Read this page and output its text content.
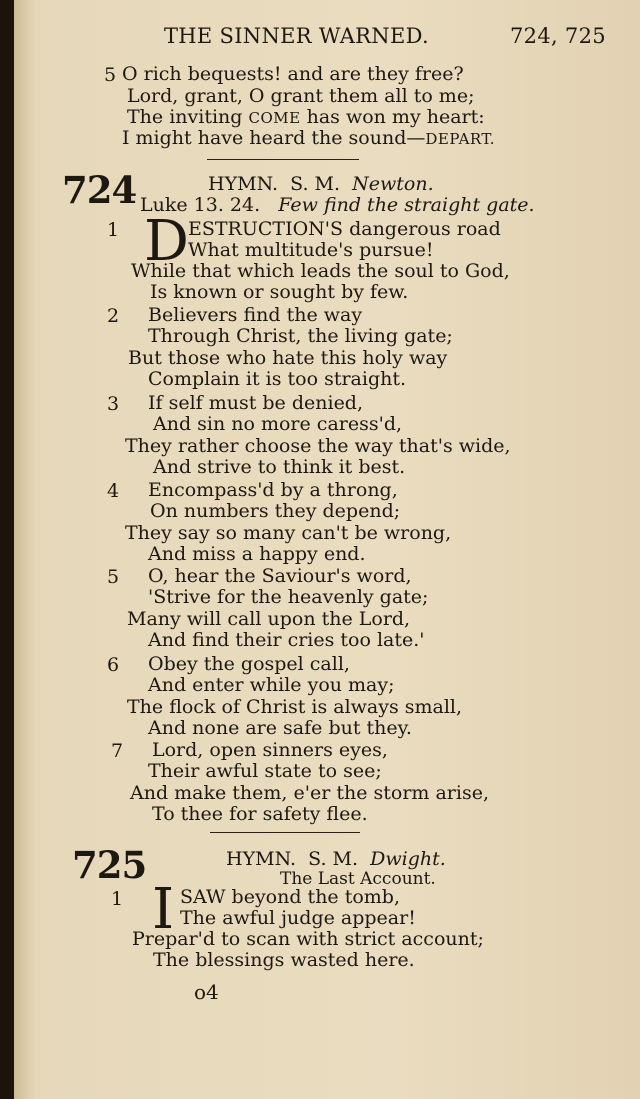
THE SINNER WARNED.	724, 725
5 O rich bequests! and are they free?
Lord, grant, O grant them all to me;
The inviting COME has won my heart:
I might have heard the sound—DEPART.
724	HYMN. S. M. Newton.
Luke 13. 24. Few find the straight gate.
1 D ESTRUCTION'S dangerous road
What multitude's pursue!
While that which leads the soul to God,
Is known or sought by few.
2 Believers find the way
Through Christ, the living gate;
But those who hate this holy way
Complain it is too straight.
3 If self must be denied,
And sin no more caress'd,
They rather choose the way that's wide,
And strive to think it best.
4 Encompass'd by a throng,
On numbers they depend;
They say so many can't be wrong,
And miss a happy end.
5 O, hear the Saviour's word,
'Strive for the heavenly gate;
Many will call upon the Lord,
And find their cries too late.'
6 Obey the gospel call,
And enter while you may;
The flock of Christ is always small,
And none are safe but they.
7 Lord, open sinners eyes,
Their awful state to see;
And make them, e'er the storm arise,
To thee for safety flee.
725	HYMN. S. M. Dwight.
The Last Account.
1 I SAW beyond the tomb,
The awful judge appear!
Prepar'd to scan with strict account;
The blessings wasted here.
o4
